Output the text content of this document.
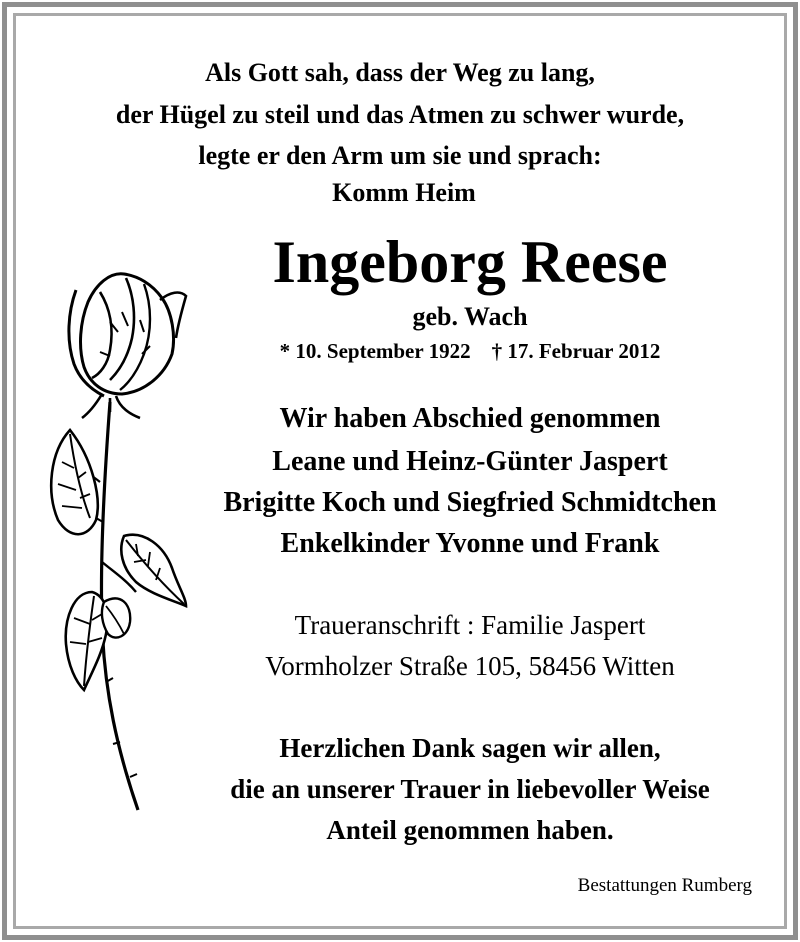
Als Gott sah, dass der Weg zu lang,
der Hügel zu steil und das Atmen zu schwer wurde,
legte er den Arm um sie und sprach:
Komm Heim
Ingeborg Reese
geb. Wach
* 10. September 1922    † 17. Februar 2012
Wir haben Abschied genommen
Leane und Heinz-Günter Jaspert
Brigitte Koch und Siegfried Schmidtchen
Enkelkinder Yvonne und Frank
Traueranschrift : Familie Jaspert
Vormholzer Straße 105, 58456 Witten
Herzlichen Dank sagen wir allen,
die an unserer Trauer in liebevoller Weise
Anteil genommen haben.
Bestattungen Rumberg
